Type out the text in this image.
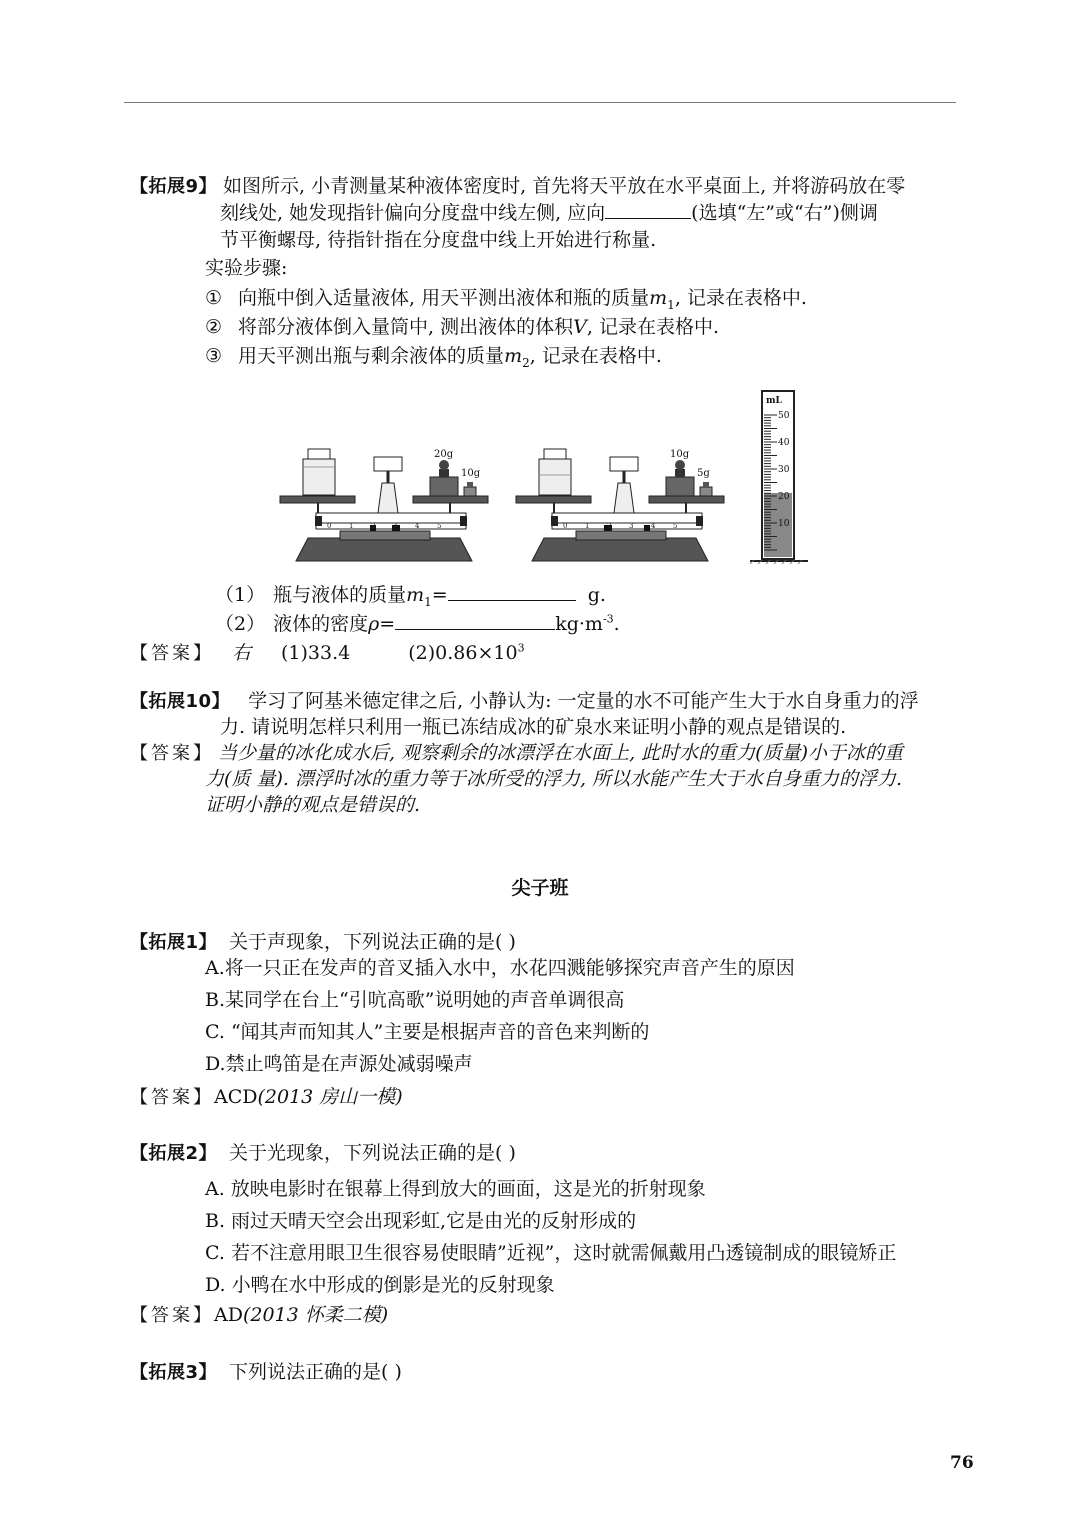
【拓展9】 如图所示, 小青测量某种液体密度时, 首先将天平放在水平桌面上, 并将游码放在零
刻线处, 她发现指针偏向分度盘中线左侧, 应向	(选填“左”或“右”)侧调
节平衡螺母, 待指针指在分度盘中线上开始进行称量.
实验步骤:
① 向瓶中倒入适量液体, 用天平测出液体和瓶的质量$m_1$, 记录在表格中.
② 将部分液体倒入量筒中, 测出液体的体积V, 记录在表格中.
③ 用天平测出瓶与剩余液体的质量$m_2$, 记录在表格中.
0	1	2	3	4	5
20g
10g
0	1	2	3	4	5
10g
5g
mL
50
40
30
20
10
（1） 瓶与液体的质量$m_1=$	g.
（2） 液体的密度ρ=	$kg\cdot m^{-3}$.
【答案】 右 (1)33.4	$(2)0.86\times 10^3$
【拓展10】 学习了阿基米德定律之后, 小静认为: 一定量的水不可能产生大于水自身重力的浮
力. 请说明怎样只利用一瓶已冻结成冰的矿泉水来证明小静的观点是错误的.
【答案】 当少量的冰化成水后, 观察剩余的冰漂浮在水面上, 此时水的重力(质量)小于冰的重
力(质 量). 漂浮时冰的重力等于冰所受的浮力, 所以水能产生大于水自身重力的浮力.
证明小静的观点是错误的.
尖子班
【拓展1】 关于声现象，下列说法正确的是( )
A.将一只正在发声的音叉插入水中，水花四溅能够探究声音产生的原因
B.某同学在台上“引吭高歌”说明她的声音单调很高
C. “闻其声而知其人”主要是根据声音的音色来判断的
D.禁止鸣笛是在声源处减弱噪声
【答案】ACD(2013 房山一模)
【拓展2】 关于光现象，下列说法正确的是( )
A. 放映电影时在银幕上得到放大的画面，这是光的折射现象
B. 雨过天晴天空会出现彩虹,它是由光的反射形成的
C. 若不注意用眼卫生很容易使眼睛”近视”，这时就需佩戴用凸透镜制成的眼镜矫正
D. 小鸭在水中形成的倒影是光的反射现象
【答案】AD(2013 怀柔二模)
【拓展3】 下列说法正确的是( )
76
